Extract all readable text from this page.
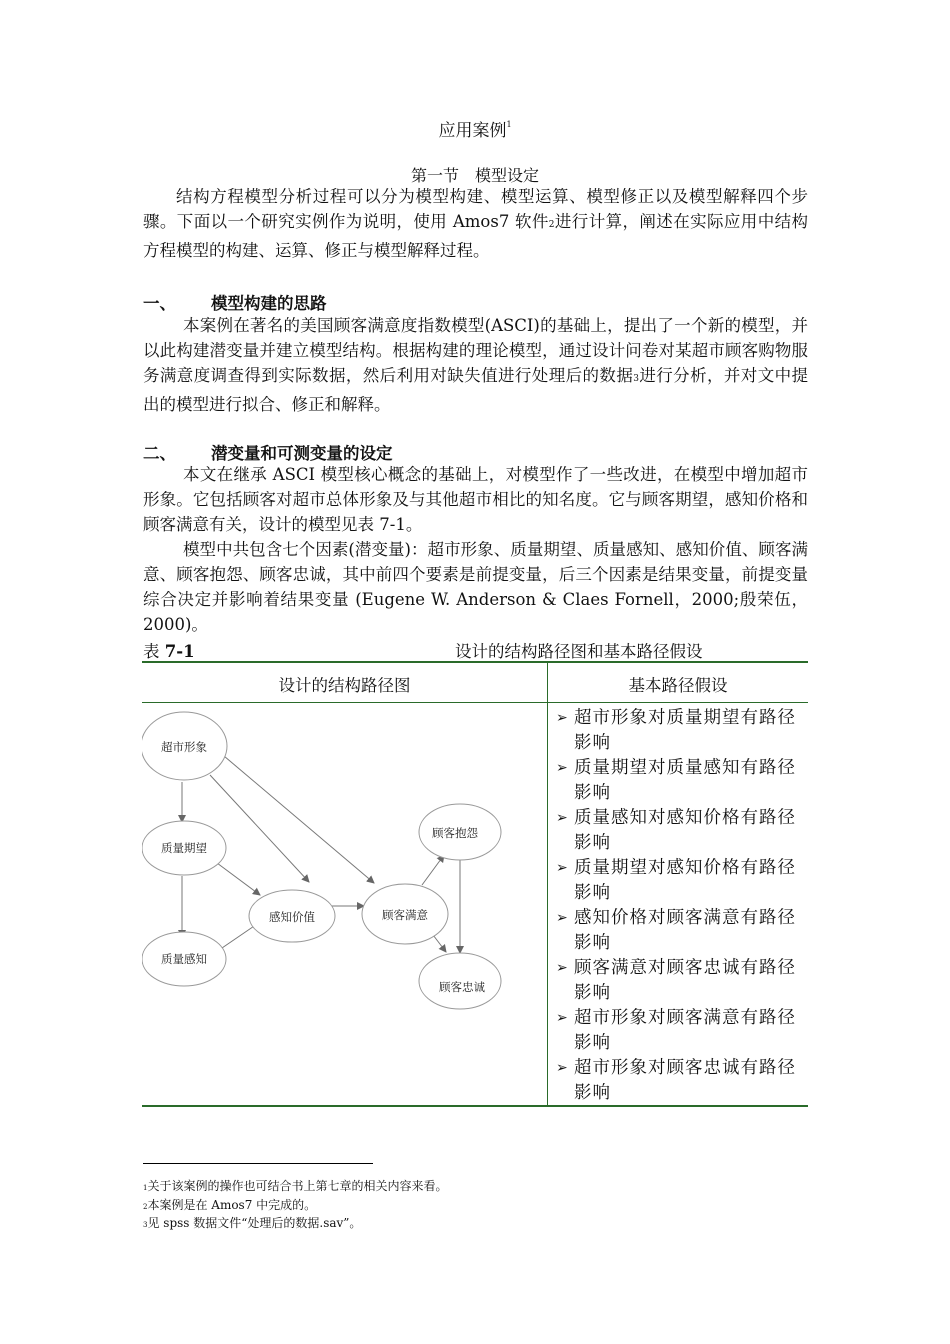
应用案例$^1$
第一节　模型设定
结构方程模型分析过程可以分为模型构建、模型运算、模型修正以及模型解释四个步骤。下面以一个研究实例作为说明，使用 Amos7 软件2进行计算，阐述在实际应用中结构方程模型的构建、运算、修正与模型解释过程。
一、 模型构建的思路
本案例在著名的美国顾客满意度指数模型(ASCI)的基础上，提出了一个新的模型，并以此构建潜变量并建立模型结构。根据构建的理论模型，通过设计问卷对某超市顾客购物服务满意度调查得到实际数据，然后利用对缺失值进行处理后的数据3进行分析，并对文中提出的模型进行拟合、修正和解释。
二、 潜变量和可测变量的设定
本文在继承 ASCI 模型核心概念的基础上，对模型作了一些改进，在模型中增加超市形象。它包括顾客对超市总体形象及与其他超市相比的知名度。它与顾客期望，感知价格和顾客满意有关，设计的模型见表 7-1。
模型中共包含七个因素(潜变量)：超市形象、质量期望、质量感知、感知价值、顾客满意、顾客抱怨、顾客忠诚，其中前四个要素是前提变量，后三个因素是结果变量，前提变量综合决定并影响着结果变量 (Eugene W. Anderson & Claes Fornell，2000;殷荣伍，2000)。
表 7-1	设计的结构路径图和基本路径假设
设计的结构路径图	基本路径假设
超市形象
质量期望
质量感知
感知价值	顾客满意
顾客抱怨
顾客忠诚
➢ 超市形象对质量期望有路径影响
➢ 质量期望对质量感知有路径影响
➢ 质量感知对感知价格有路径影响
➢ 质量期望对感知价格有路径影响
➢ 感知价格对顾客满意有路径影响
➢ 顾客满意对顾客忠诚有路径影响
➢ 超市形象对顾客满意有路径影响
➢ 超市形象对顾客忠诚有路径影响
1关于该案例的操作也可结合书上第七章的相关内容来看。
2本案例是在 Amos7 中完成的。
3见 spss 数据文件“处理后的数据.sav”。
